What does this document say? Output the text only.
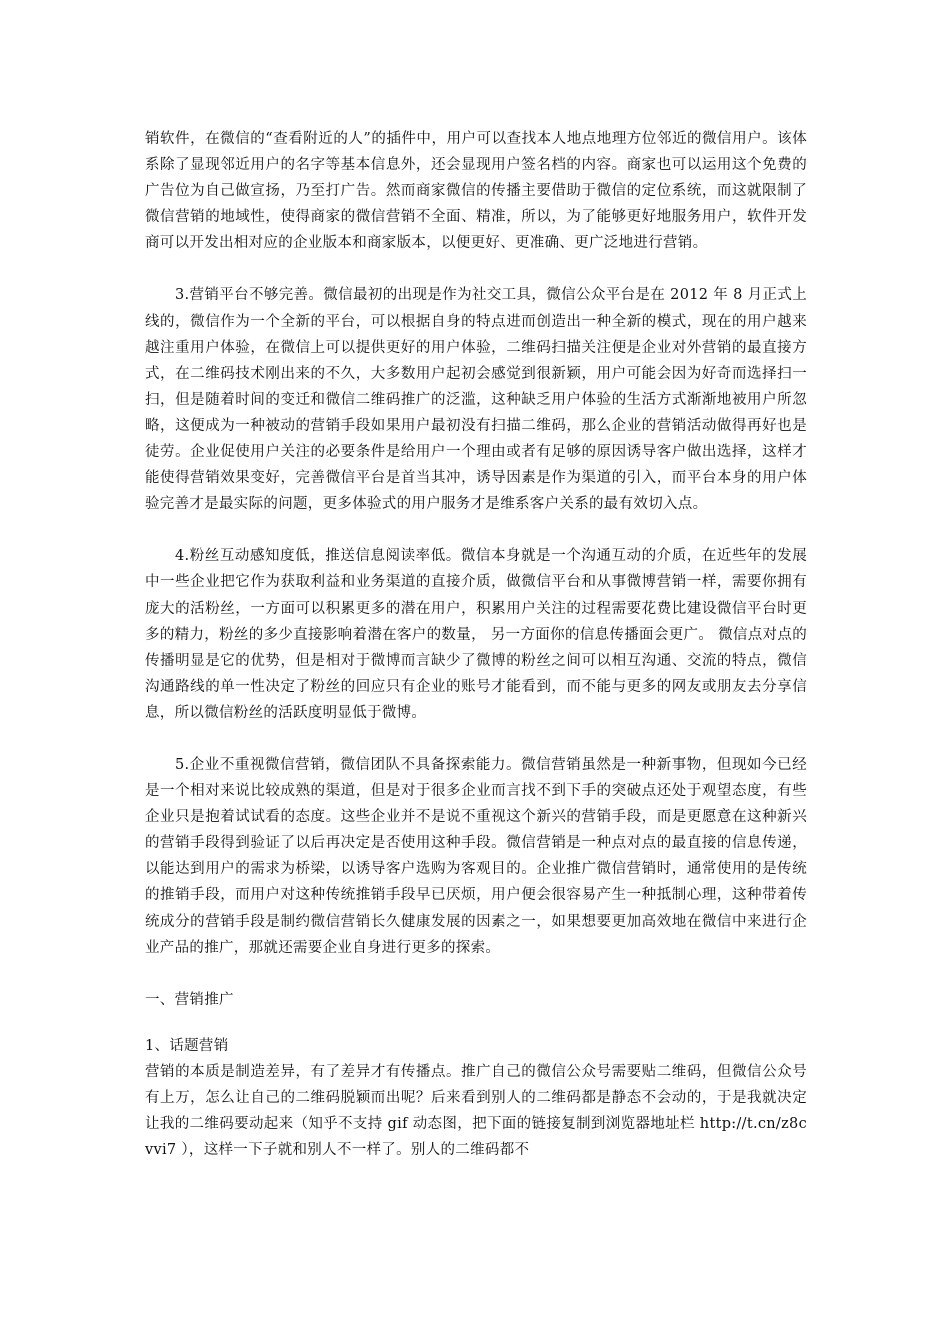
销软件，在微信的“查看附近的人”的插件中，用户可以查找本人地点地理方位邻近的微信用户。该体系除了显现邻近用户的名字等基本信息外，还会显现用户签名档的内容。商家也可以运用这个免费的广告位为自己做宣扬，乃至打广告。然而商家微信的传播主要借助于微信的定位系统，而这就限制了微信营销的地域性，使得商家的微信营销不全面、精准，所以，为了能够更好地服务用户，软件开发商可以开发出相对应的企业版本和商家版本，以便更好、更准确、更广泛地进行营销。

3.营销平台不够完善。微信最初的出现是作为社交工具，微信公众平台是在 2012 年 8 月正式上线的，微信作为一个全新的平台，可以根据自身的特点进而创造出一种全新的模式，现在的用户越来越注重用户体验，在微信上可以提供更好的用户体验，二维码扫描关注便是企业对外营销的最直接方式，在二维码技术刚出来的不久，大多数用户起初会感觉到很新颖，用户可能会因为好奇而选择扫一扫，但是随着时间的变迁和微信二维码推广的泛滥，这种缺乏用户体验的生活方式渐渐地被用户所忽略，这便成为一种被动的营销手段如果用户最初没有扫描二维码，那么企业的营销活动做得再好也是徒劳。企业促使用户关注的必要条件是给用户一个理由或者有足够的原因诱导客户做出选择，这样才能使得营销效果变好，完善微信平台是首当其冲，诱导因素是作为渠道的引入，而平台本身的用户体验完善才是最实际的问题，更多体验式的用户服务才是维系客户关系的最有效切入点。

4.粉丝互动感知度低，推送信息阅读率低。微信本身就是一个沟通互动的介质，在近些年的发展中一些企业把它作为获取利益和业务渠道的直接介质，做微信平台和从事微博营销一样，需要你拥有庞大的活粉丝，一方面可以积累更多的潜在用户，积累用户关注的过程需要花费比建设微信平台时更多的精力，粉丝的多少直接影响着潜在客户的数量， 另一方面你的信息传播面会更广。 微信点对点的传播明显是它的优势，但是相对于微博而言缺少了微博的粉丝之间可以相互沟通、交流的特点，微信沟通路线的单一性决定了粉丝的回应只有企业的账号才能看到，而不能与更多的网友或朋友去分享信息，所以微信粉丝的活跃度明显低于微博。

5.企业不重视微信营销，微信团队不具备探索能力。微信营销虽然是一种新事物，但现如今已经是一个相对来说比较成熟的渠道，但是对于很多企业而言找不到下手的突破点还处于观望态度，有些企业只是抱着试试看的态度。这些企业并不是说不重视这个新兴的营销手段，而是更愿意在这种新兴的营销手段得到验证了以后再决定是否使用这种手段。微信营销是一种点对点的最直接的信息传递，以能达到用户的需求为桥梁，以诱导客户选购为客观目的。企业推广微信营销时，通常使用的是传统的推销手段，而用户对这种传统推销手段早已厌烦，用户便会很容易产生一种抵制心理，这种带着传统成分的营销手段是制约微信营销长久健康发展的因素之一，如果想要更加高效地在微信中来进行企业产品的推广，那就还需要企业自身进行更多的探索。

一、营销推广

1、话题营销

营销的本质是制造差异，有了差异才有传播点。推广自己的微信公众号需要贴二维码，但微信公众号有上万，怎么让自己的二维码脱颖而出呢？后来看到别人的二维码都是静态不会动的，于是我就决定让我的二维码要动起来（知乎不支持 gif 动态图，把下面的链接复制到浏览器地址栏 http://t.cn/z8cvvi7 ），这样一下子就和别人不一样了。别人的二维码都不
